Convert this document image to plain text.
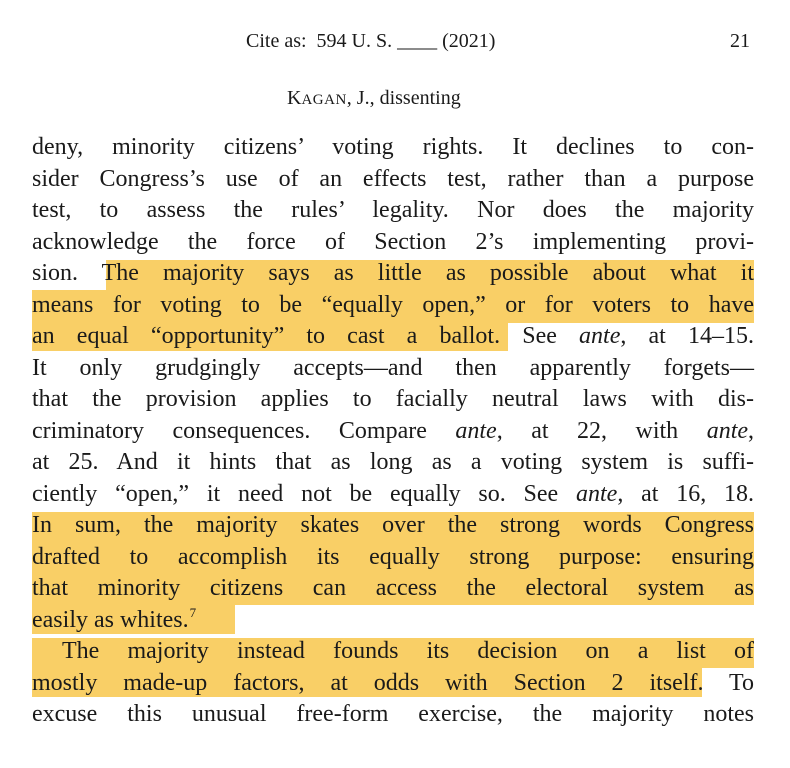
Cite as:  594 U. S. ____ (2021)	21
KAGAN, J., dissenting
deny, minority citizens’ voting rights. It declines to con-
sider Congress’s use of an effects test, rather than a purpose
test, to assess the rules’ legality. Nor does the majority
acknowledge the force of Section 2’s implementing provi-
sion. The majority says as little as possible about what it
means for voting to be “equally open,” or for voters to have
an equal “opportunity” to cast a ballot. See ante, at 14–15.
It only grudgingly accepts—and then apparently forgets—
that the provision applies to facially neutral laws with dis-
criminatory consequences. Compare ante, at 22, with ante,
at 25. And it hints that as long as a voting system is suffi-
ciently “open,” it need not be equally so. See ante, at 16, 18.
In sum, the majority skates over the strong words Congress
drafted to accomplish its equally strong purpose: ensuring
that minority citizens can access the electoral system as
easily as whites.$^7$
The majority instead founds its decision on a list of
mostly made-up factors, at odds with Section 2 itself. To
excuse this unusual free-form exercise, the majority notes
